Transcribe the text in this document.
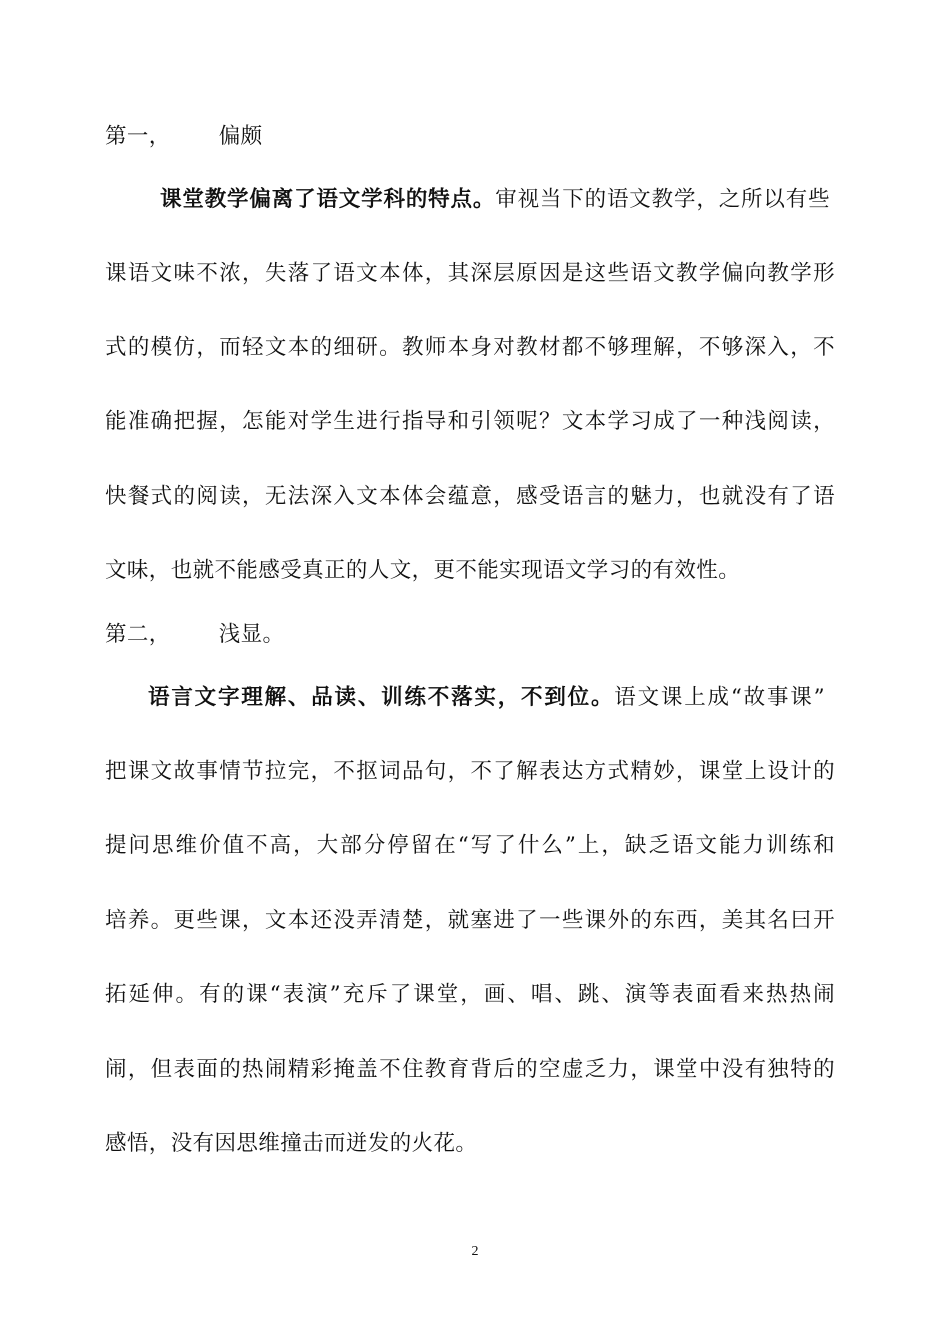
第一， 偏颇
课堂教学偏离了语文学科的特点。审视当下的语文教学，之所以有些
课语文味不浓，失落了语文本体，其深层原因是这些语文教学偏向教学形
式的模仿，而轻文本的细研。教师本身对教材都不够理解，不够深入，不
能准确把握，怎能对学生进行指导和引领呢？文本学习成了一种浅阅读，
快餐式的阅读，无法深入文本体会蕴意，感受语言的魅力，也就没有了语
文味，也就不能感受真正的人文，更不能实现语文学习的有效性。
第二， 浅显。
语言文字理解、品读、训练不落实，不到位。语文课上成“故事课”
把课文故事情节拉完，不抠词品句，不了解表达方式精妙，课堂上设计的
提问思维价值不高，大部分停留在“写了什么”上，缺乏语文能力训练和
培养。更些课，文本还没弄清楚，就塞进了一些课外的东西，美其名曰开
拓延伸。有的课“表演”充斥了课堂，画、唱、跳、演等表面看来热热闹
闹，但表面的热闹精彩掩盖不住教育背后的空虚乏力，课堂中没有独特的
感悟，没有因思维撞击而迸发的火花。
2
